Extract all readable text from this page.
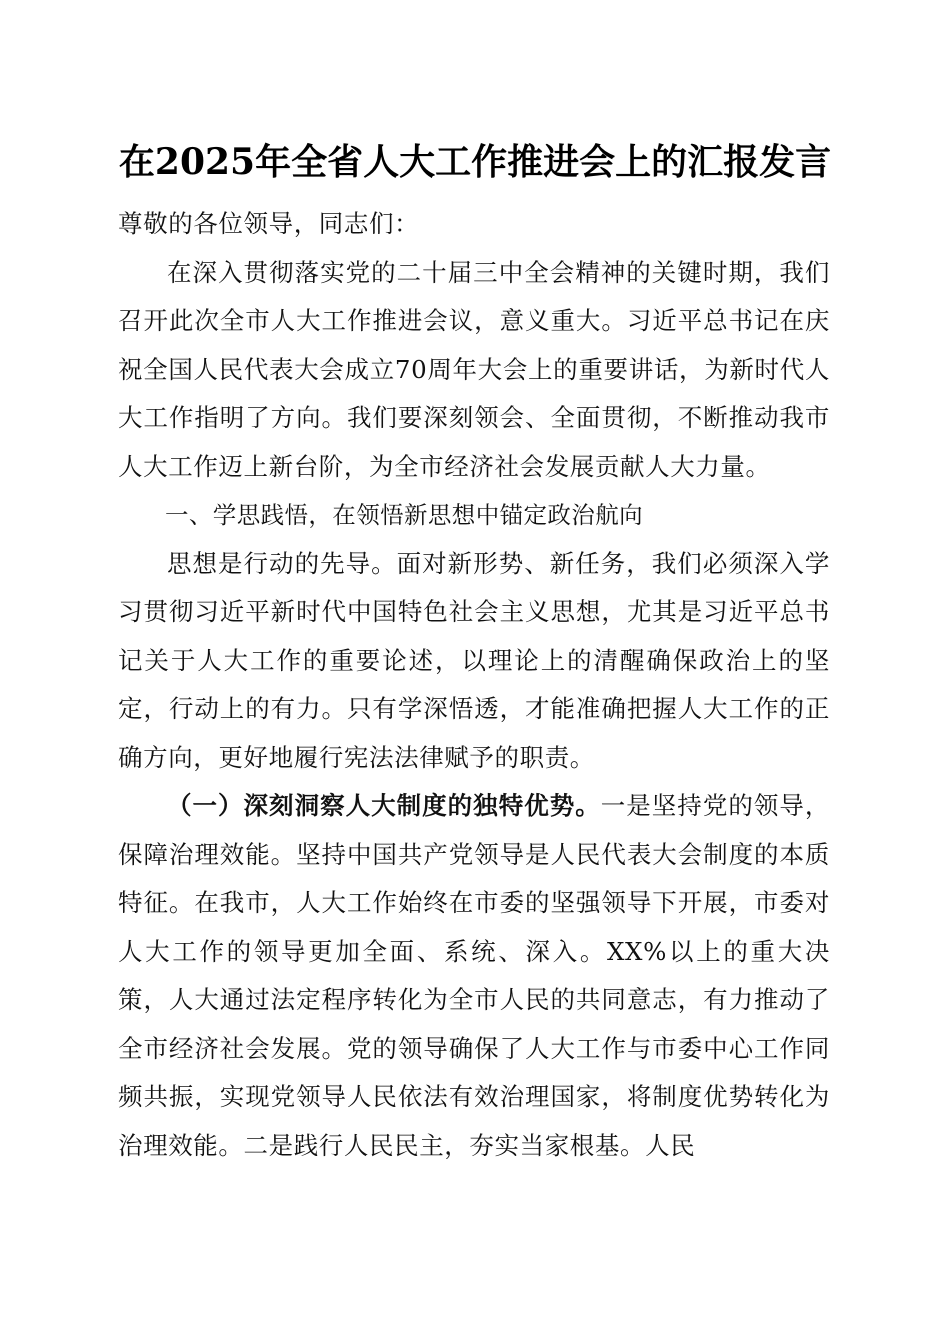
在2025年全省人大工作推进会上的汇报发言

尊敬的各位领导，同志们：

在深入贯彻落实党的二十届三中全会精神的关键时期，我们召开此次全市人大工作推进会议，意义重大。习近平总书记在庆祝全国人民代表大会成立70周年大会上的重要讲话，为新时代人大工作指明了方向。我们要深刻领会、全面贯彻，不断推动我市人大工作迈上新台阶，为全市经济社会发展贡献人大力量。

一、学思践悟，在领悟新思想中锚定政治航向

思想是行动的先导。面对新形势、新任务，我们必须深入学习贯彻习近平新时代中国特色社会主义思想，尤其是习近平总书记关于人大工作的重要论述，以理论上的清醒确保政治上的坚定，行动上的有力。只有学深悟透，才能准确把握人大工作的正确方向，更好地履行宪法法律赋予的职责。

（一）深刻洞察人大制度的独特优势。一是坚持党的领导，保障治理效能。坚持中国共产党领导是人民代表大会制度的本质特征。在我市，人大工作始终在市委的坚强领导下开展，市委对人大工作的领导更加全面、系统、深入。XX%以上的重大决策，人大通过法定程序转化为全市人民的共同意志，有力推动了全市经济社会发展。党的领导确保了人大工作与市委中心工作同频共振，实现党领导人民依法有效治理国家，将制度优势转化为治理效能。二是践行人民民主，夯实当家根基。人民
